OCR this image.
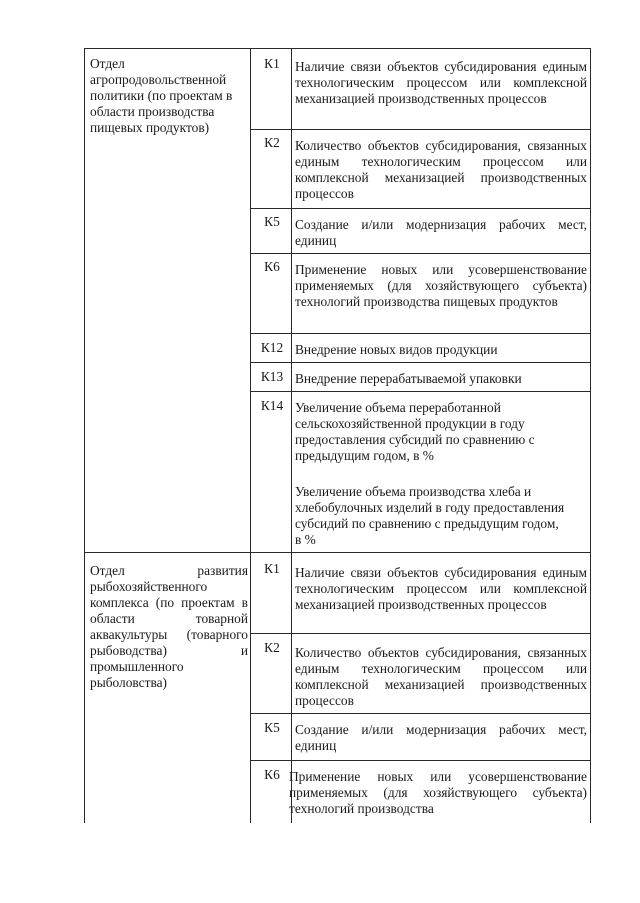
Отдел агропродовольственной политики (по проектам в области производства пищевых продуктов)
К1	Наличие связи объектов субсидирования единым технологическим процессом или комплексной механизацией производственных процессов
К2	Количество объектов субсидирования, связанных единым технологическим процессом или комплексной механизацией производственных процессов
К5	Создание и/или модернизация рабочих мест, единиц
К6	Применение новых или усовершенствование применяемых (для хозяйствующего субъекта) технологий производства пищевых продуктов
К12 Внедрение новых видов продукции
К13 Внедрение перерабатываемой упаковки
К14 Увеличение объема переработанной сельскохозяйственной продукции в году предоставления субсидий по сравнению с предыдущим годом, в %
Увеличение объема производства хлеба и хлебобулочных изделий в году предоставления субсидий по сравнению с предыдущим годом, в %
Отдел развития рыбохозяйственного комплекса (по проектам в области товарной аквакультуры (товарного рыбоводства) и промышленного рыболовства)
К1	Наличие связи объектов субсидирования единым технологическим процессом или комплексной механизацией производственных процессов
К2	Количество объектов субсидирования, связанных единым технологическим процессом или комплексной механизацией производственных процессов
К5	Создание и/или модернизация рабочих мест, единиц
К6 Применение новых или усовершенствование применяемых (для хозяйствующего субъекта) технологий производства
